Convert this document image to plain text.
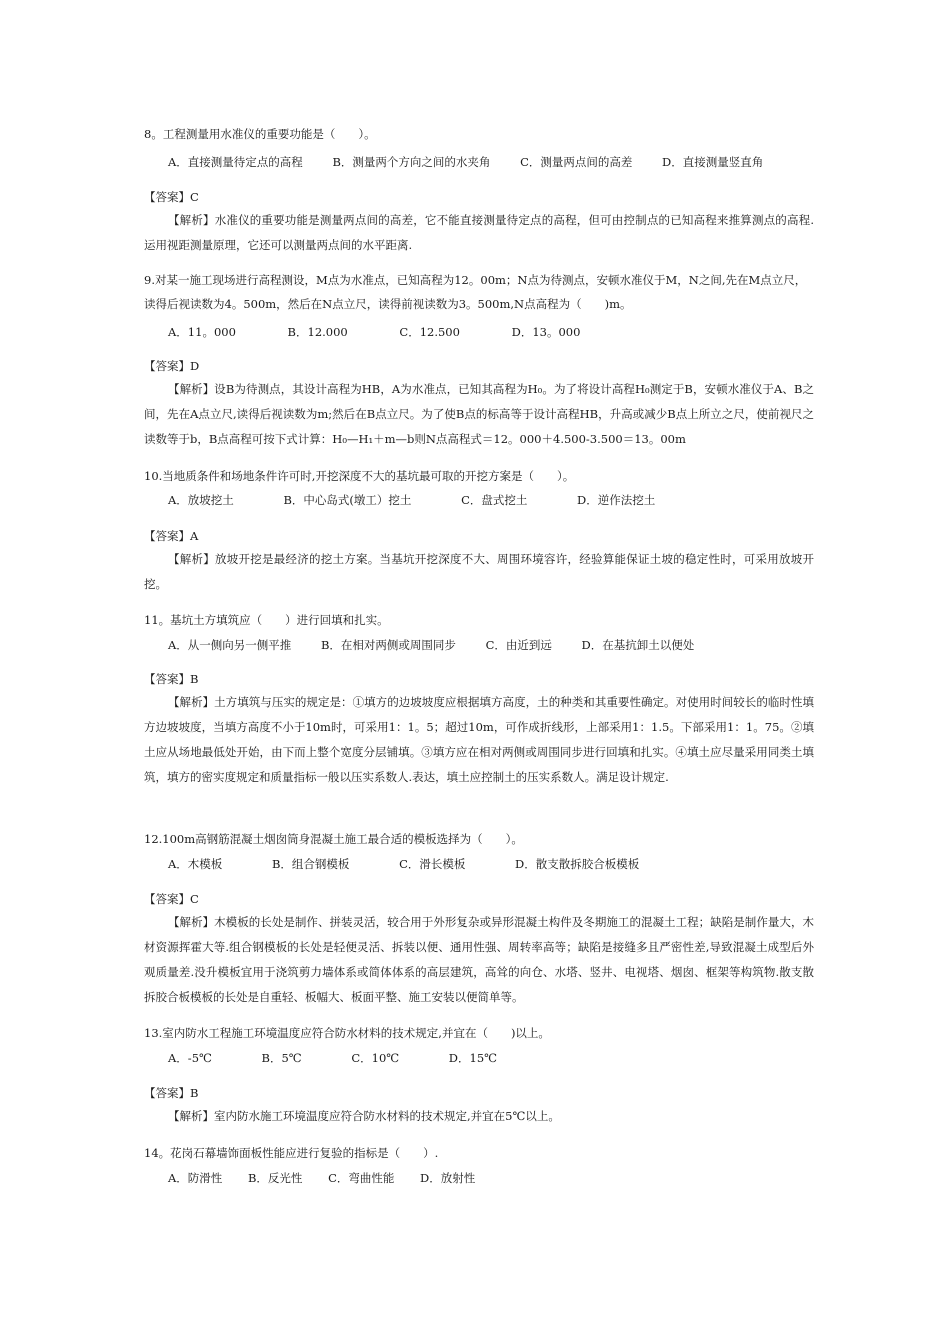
8。工程测量用水准仪的重要功能是（　　）。
A．直接测量待定点的高程	B．测量两个方向之间的水夹角	C．测量两点间的高差	D．直接测量竖直角
【答案】C
【解析】水准仪的重要功能是测量两点间的高差，它不能直接测量待定点的高程，但可由控制点的已知高程来推算测点的高程.运用视距测量原理，它还可以测量两点间的水平距离.
9.对某一施工现场进行高程测设，M点为水准点，已知高程为12。00m；N点为待测点，安顿水准仪于M，N之间,先在M点立尺，
读得后视读数为4。500m，然后在N点立尺，读得前视读数为3。500m,N点高程为（　　)m。
A．11。000	B．12.000	C．12.500	D．13。000
【答案】D
【解析】设B为待测点，其设计高程为HB，A为水准点，已知其高程为H₀。为了将设计高程H₀测定于B，安顿水准仪于A、B之间，先在A点立尺,读得后视读数为m;然后在B点立尺。为了使B点的标高等于设计高程HB，升高或减少B点上所立之尺，使前视尺之读数等于b，B点高程可按下式计算：H₀—H₁＋m—b则N点高程式＝12。000＋4.500-3.500＝13。00m
10.当地质条件和场地条件许可时,开挖深度不大的基坑最可取的开挖方案是（　　）。
A．放坡挖土	B．中心岛式(墩工）挖土	C．盘式挖土	D．逆作法挖土
【答案】A
【解析】放坡开挖是最经济的挖土方案。当基坑开挖深度不大、周围环境容许，经验算能保证土坡的稳定性时，可采用放坡开挖。
11。基坑土方填筑应（　　）进行回填和扎实。
A．从一侧向另一侧平推	B．在相对两侧或周围同步	C．由近到远	D．在基抗卸土以便处
【答案】B
【解析】土方填筑与压实的规定是：①填方的边坡坡度应根据填方高度，土的种类和其重要性确定。对使用时间较长的临时性填方边坡坡度，当填方高度不小于10m时，可采用1：1。5；超过10m，可作成折线形，上部采用1：1.5。下部采用1：1。75。②填土应从场地最低处开始，由下而上整个宽度分层铺填。③填方应在相对两侧或周围同步进行回填和扎实。④填土应尽量采用同类土填筑，填方的密实度规定和质量指标一般以压实系数人.表达，填土应控制土的压实系数人。满足设计规定.
12.100m高钢筋混凝土烟囱筒身混凝土施工最合适的模板选择为（　　）。
A．木模板	B．组合钢模板	C．滑长模板	D．散支散拆胶合板模板
【答案】C
【解析】木模板的长处是制作、拼装灵活，较合用于外形复杂或异形混凝土构件及冬期施工的混凝土工程；缺陷是制作量大，木材资源挥霍大等.组合钢模板的长处是轻便灵活、拆装以便、通用性强、周转率高等；缺陷是接缝多且严密性差,导致混凝土成型后外观质量差.没升模板宜用于浇筑剪力墙体系或简体体系的高层建筑，高耸的向仓、水塔、竖井、电视塔、烟囱、框架等构筑物.散支散拆胶合板模板的长处是自重轻、板幅大、板面平整、施工安装以便简单等。
13.室内防水工程施工环境温度应符合防水材料的技术规定,并宜在（　　)以上。
A．-5℃	B．5℃	C．10℃	D．15℃
【答案】B
【解析】室内防水施工环境温度应符合防水材料的技术规定,并宜在5℃以上。
14。花岗石幕墙饰面板性能应进行复验的指标是（　　）.
A．防滑性 B．反光性 C．弯曲性能 D．放射性
